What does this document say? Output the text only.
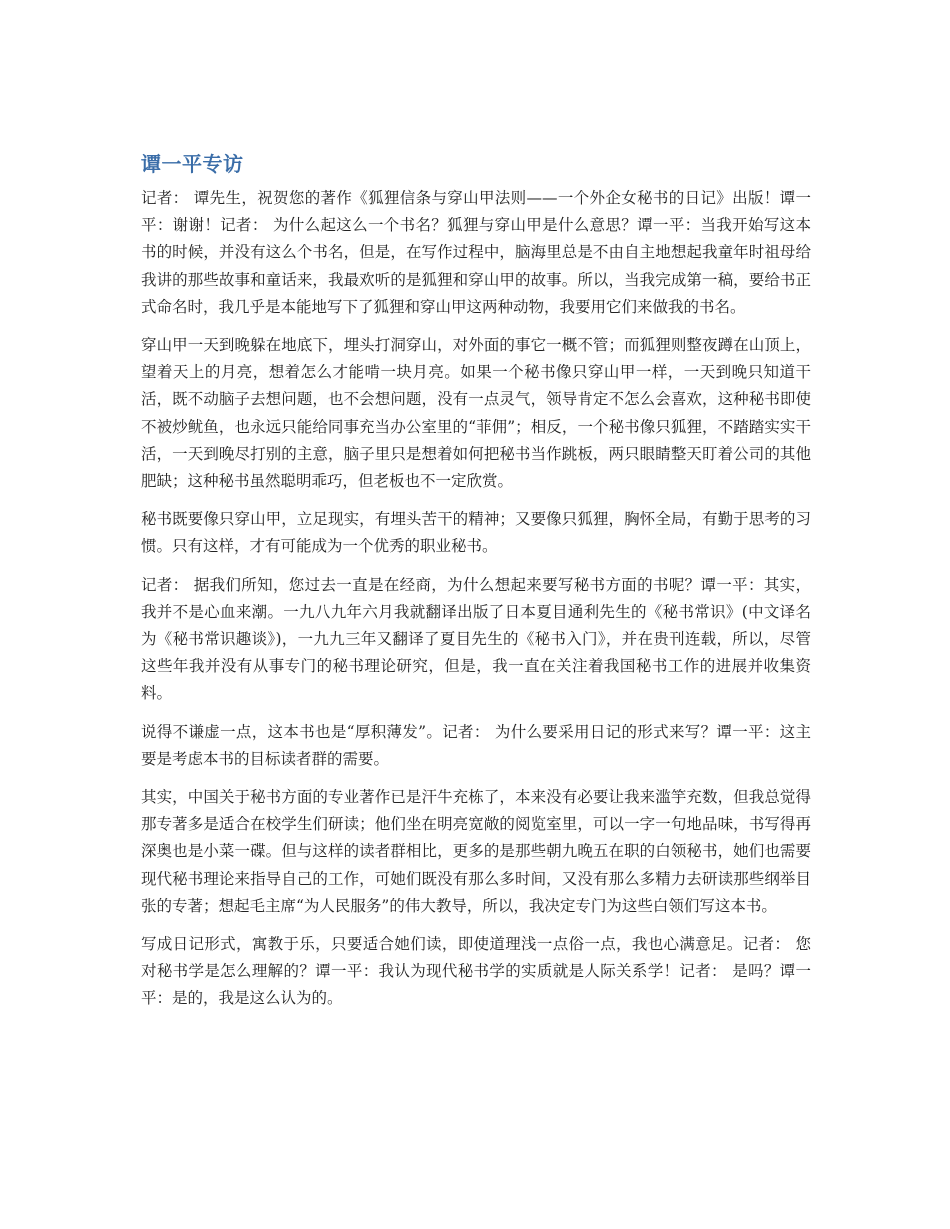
谭一平专访

记者： 谭先生，祝贺您的著作《狐狸信条与穿山甲法则——一个外企女秘书的日记》出版！谭一平：谢谢！记者： 为什么起这么一个书名？狐狸与穿山甲是什么意思？谭一平：当我开始写这本书的时候，并没有这么个书名，但是，在写作过程中，脑海里总是不由自主地想起我童年时祖母给我讲的那些故事和童话来，我最欢听的是狐狸和穿山甲的故事。所以，当我完成第一稿，要给书正式命名时，我几乎是本能地写下了狐狸和穿山甲这两种动物，我要用它们来做我的书名。

穿山甲一天到晚躲在地底下，埋头打洞穿山，对外面的事它一概不管；而狐狸则整夜蹲在山顶上，望着天上的月亮，想着怎么才能啃一块月亮。如果一个秘书像只穿山甲一样，一天到晚只知道干活，既不动脑子去想问题，也不会想问题，没有一点灵气，领导肯定不怎么会喜欢，这种秘书即使不被炒鱿鱼，也永远只能给同事充当办公室里的“菲佣”；相反，一个秘书像只狐狸，不踏踏实实干活，一天到晚尽打别的主意，脑子里只是想着如何把秘书当作跳板，两只眼睛整天盯着公司的其他肥缺；这种秘书虽然聪明乖巧，但老板也不一定欣赏。

秘书既要像只穿山甲，立足现实，有埋头苦干的精神；又要像只狐狸，胸怀全局，有勤于思考的习惯。只有这样，才有可能成为一个优秀的职业秘书。

记者： 据我们所知，您过去一直是在经商，为什么想起来要写秘书方面的书呢？谭一平：其实，我并不是心血来潮。一九八九年六月我就翻译出版了日本夏目通利先生的《秘书常识》(中文译名为《秘书常识趣谈》)，一九九三年又翻译了夏目先生的《秘书入门》，并在贵刊连载，所以，尽管这些年我并没有从事专门的秘书理论研究，但是，我一直在关注着我国秘书工作的进展并收集资料。

说得不谦虚一点，这本书也是“厚积薄发”。记者： 为什么要采用日记的形式来写？谭一平：这主要是考虑本书的目标读者群的需要。

其实，中国关于秘书方面的专业著作已是汗牛充栋了，本来没有必要让我来滥竽充数，但我总觉得那专著多是适合在校学生们研读；他们坐在明亮宽敞的阅览室里，可以一字一句地品味，书写得再深奥也是小菜一碟。但与这样的读者群相比，更多的是那些朝九晚五在职的白领秘书，她们也需要现代秘书理论来指导自己的工作，可她们既没有那么多时间，又没有那么多精力去研读那些纲举目张的专著；想起毛主席“为人民服务”的伟大教导，所以，我决定专门为这些白领们写这本书。

写成日记形式，寓教于乐，只要适合她们读，即使道理浅一点俗一点，我也心满意足。记者： 您对秘书学是怎么理解的？谭一平：我认为现代秘书学的实质就是人际关系学！记者： 是吗？谭一平：是的，我是这么认为的。
